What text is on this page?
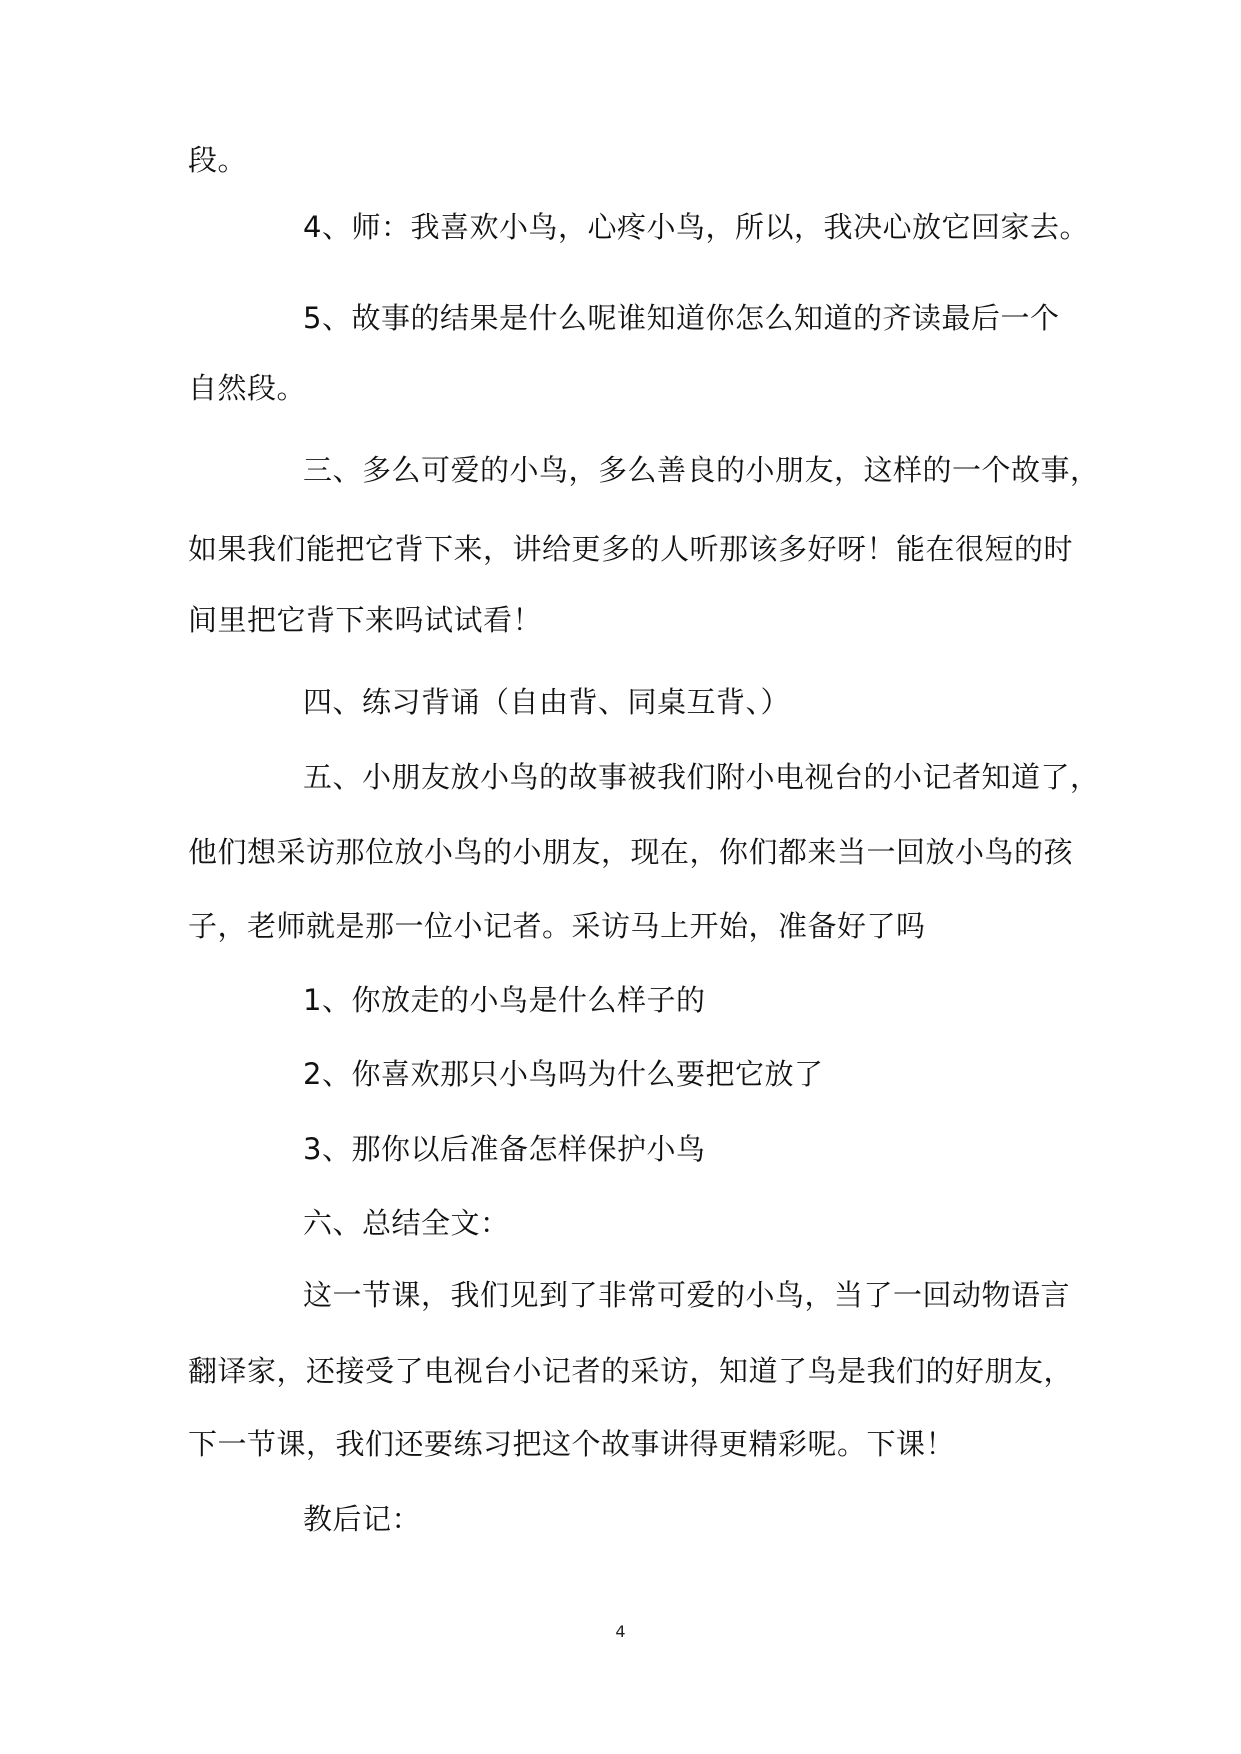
段。
4、师：我喜欢小鸟，心疼小鸟，所以，我决心放它回家去。
5、故事的结果是什么呢谁知道你怎么知道的齐读最后一个
自然段。
三、多么可爱的小鸟，多么善良的小朋友，这样的一个故事，
如果我们能把它背下来，讲给更多的人听那该多好呀！能在很短的时
间里把它背下来吗试试看！
四、练习背诵（自由背、同桌互背、）
五、小朋友放小鸟的故事被我们附小电视台的小记者知道了，
他们想采访那位放小鸟的小朋友，现在，你们都来当一回放小鸟的孩
子，老师就是那一位小记者。采访马上开始，准备好了吗
1、你放走的小鸟是什么样子的
2、你喜欢那只小鸟吗为什么要把它放了
3、那你以后准备怎样保护小鸟
六、总结全文：
这一节课，我们见到了非常可爱的小鸟，当了一回动物语言
翻译家，还接受了电视台小记者的采访，知道了鸟是我们的好朋友，
下一节课，我们还要练习把这个故事讲得更精彩呢。下课！
教后记：
4
